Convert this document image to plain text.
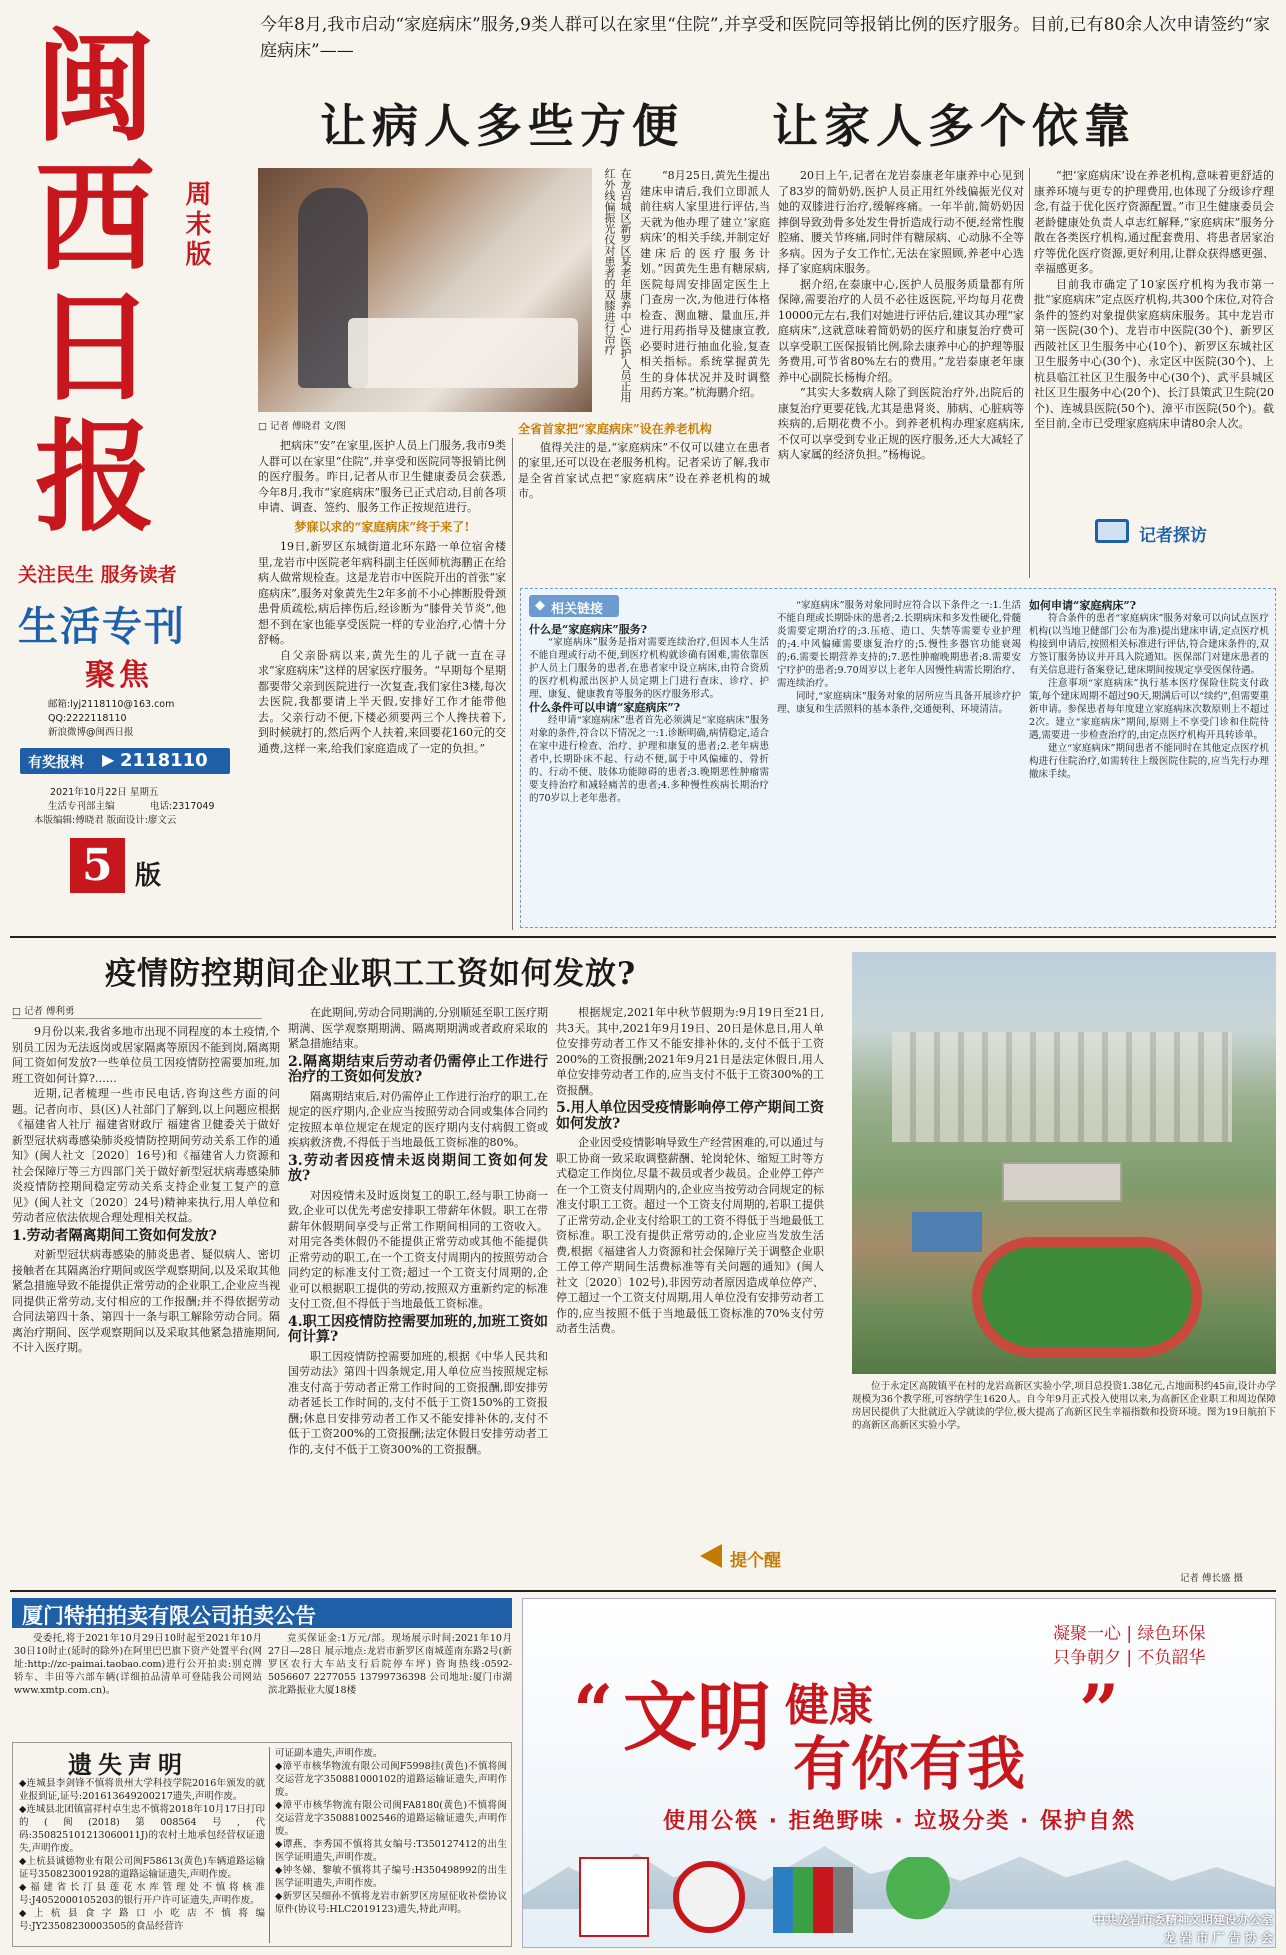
闽
西
日
报
周末版
关注民生 服务读者
生活专刊
聚焦
邮箱:lyj2118110@163.com
QQ:2222118110
新浪微博@闽西日报
有奖报料 ▶ 2118110
2021年10月22日 星期五
生活专刊部主编	电话:2317049
本版编辑:傅晓君 版面设计:廖文云
5 版
今年8月,我市启动“家庭病床”服务,9类人群可以在家里“住院”,并享受和医院同等报销比例的医疗服务。目前,已有80余人次申请签约“家庭病床”——
让病人多些方便    让家人多个依靠
在龙岩城区新罗区某老年康养中心,医护人员正用红外线偏振光仪对患者的双膝进行治疗
□ 记者 傅晓君 文/图

把病床“安”在家里,医护人员上门服务,我市9类人群可以在家里“住院”,并享受和医院同等报销比例的医疗服务。昨日,记者从市卫生健康委员会获悉,今年8月,我市“家庭病床”服务已正式启动,目前各项申请、调查、签约、服务工作正按规范进行。

梦寐以求的“家庭病床”终于来了!

19日,新罗区东城街道北环东路一单位宿舍楼里,龙岩市中医院老年病科副主任医师杭海鹏正在给病人做常规检查。这是龙岩市中医院开出的首张“家庭病床”,服务对象黄先生2年多前不小心摔断股骨颈患骨质疏松,病后摔伤后,经诊断为“膝骨关节炎”,他想不到在家也能享受医院一样的专业治疗,心情十分舒畅。

自父亲卧病以来,黄先生的儿子就一直在寻求“家庭病床”这样的居家医疗服务。“早期每个星期都要带父亲到医院进行一次复查,我们家住3楼,每次去医院,我都要请上半天假,安排好工作才能带他去。父亲行动不便,下楼必须要两三个人搀扶着下,到时候就打的,然后两个人扶着,来回要花160元的交通费,这样一来,给我们家庭造成了一定的负担。”

“8月25日,黄先生提出建床申请后,我们立即派人前往病人家里进行评估,当天就为他办理了建立‘家庭病床’的相关手续,并制定好建床后的医疗服务计划。”因黄先生患有糖尿病,医院每周安排固定医生上门查房一次,为他进行体格检查、测血糖、量血压,并进行用药指导及健康宣教,必要时进行抽血化验,复查相关指标。系统掌握黄先生的身体状况并及时调整用药方案。”杭海鹏介绍。

全省首家把“家庭病床”设在养老机构

值得关注的是,“家庭病床”不仅可以建立在患者的家里,还可以设在老服务机构。记者采访了解,我市是全省首家试点把“家庭病床”设在养老机构的城市。

20日上午,记者在龙岩泰康老年康养中心见到了83岁的简奶奶,医护人员正用红外线偏振光仪对她的双膝进行治疗,缓解疼痛。一年半前,简奶奶因摔倒导致劲骨多处发生骨折造成行动不便,经常性腹腔痛、腰关节疼痛,同时伴有糖尿病、心动脉不全等多病。因为子女工作忙,无法在家照顾,养老中心选择了家庭病床服务。

据介绍,在泰康中心,医护人员服务质量都有所保障,需要治疗的人员不必往返医院,平均每月花费10000元左右,我们对她进行评估后,建议其办理“家庭病床”,这就意味着简奶奶的医疗和康复治疗费可以享受职工医保报销比例,除去康养中心的护理等服务费用,可节省80%左右的费用。”龙岩泰康老年康养中心副院长杨梅介绍。

“其实大多数病人除了到医院治疗外,出院后的康复治疗更要花钱,尤其是患肾炎、肺病、心脏病等疾病的,后期花费不小。到养老机构办理家庭病床,不仅可以享受到专业正规的医疗服务,还大大减轻了病人家属的经济负担。”杨梅说。

“把‘家庭病床’设在养老机构,意味着更舒适的康养环境与更专的护理费用,也体现了分级诊疗理念,有益于优化医疗资源配置。”市卫生健康委员会老龄健康处负责人卓志红解释,“家庭病床”服务分散在各类医疗机构,通过配套费用、将患者居家治疗等优化医疗资源,更好利用,让群众获得感更强、幸福感更多。

目前我市确定了10家医疗机构为我市第一批“家庭病床”定点医疗机构,共300个床位,对符合条件的签约对象提供家庭病床服务。其中龙岩市第一医院(30个)、龙岩市中医院(30个)、新罗区西陂社区卫生服务中心(10个)、新罗区东城社区卫生服务中心(30个)、永定区中医院(30个)、上杭县临江社区卫生服务中心(30个)、武平县城区社区卫生服务中心(20个)、长汀县策武卫生院(20个)、连城县医院(50个)、漳平市医院(50个)。截至目前,全市已受理家庭病床申请80余人次。

记者探访
◆ 相关链接

什么是“家庭病床”服务?

“家庭病床”服务是指对需要连续治疗,但因本人生活不能自理或行动不便,到医疗机构就诊确有困难,需依靠医护人员上门服务的患者,在患者家中设立病床,由符合资质的医疗机构派出医护人员定期上门进行查床、诊疗、护理、康复、健康教育等服务的医疗服务形式。

什么条件可以申请“家庭病床”?

经申请“家庭病床”患者首先必须满足“家庭病床”服务对象的条件,符合以下情况之一:1.诊断明确,病情稳定,适合在家中进行检查、治疗、护理和康复的患者;2.老年病患者中,长期卧床不起、行动不便,属于中风偏瘫的、骨折的、行动不便、肢体功能障碍的患者;3.晚期恶性肿瘤需要支持治疗和减轻痛苦的患者;4.多种慢性疾病长期治疗的70岁以上老年患者。

“家庭病床”服务对象同时应符合以下条件之一:1.生活不能自理或长期卧床的患者;2.长期病床和多发性硬化,骨髓炎需要定期治疗的;3.压疮、造口、失禁等需要专业护理的;4.中风偏瘫需要康复治疗的;5.慢性多器官功能衰竭的;6.需要长期营养支持的;7.恶性肿瘤晚期患者;8.需要安宁疗护的患者;9.70周岁以上老年人因慢性病需长期治疗、需连续治疗。

同时,“家庭病床”服务对象的居所应当具备开展诊疗护理、康复和生活照料的基本条件,交通便利、环境清洁。

如何申请“家庭病床”?

符合条件的患者“家庭病床”服务对象可以向试点医疗机构(以当地卫健部门公布为准)提出建床申请,定点医疗机构接到申请后,按照相关标准进行评估,符合建床条件的,双方签订服务协议并开具入院通知。医保部门对建床患者的有关信息进行备案登记,建床期间按规定享受医保待遇。

注意事项“家庭病床”执行基本医疗保险住院支付政策,每个建床周期不超过90天,期满后可以“续约”,但需要重新申请。参保患者每年度建立家庭病床次数原则上不超过2次。建立“家庭病床”期间,原则上不享受门诊和住院待遇,需要进一步检查治疗的,由定点医疗机构开具转诊单。

建立“家庭病床”期间患者不能同时在其他定点医疗机构进行住院治疗,如需转往上级医院住院的,应当先行办理撤床手续。

疫情防控期间企业职工工资如何发放?
□ 记者 傅利勇

9月份以来,我省多地市出现不同程度的本土疫情,个别员工因为无法返岗或居家隔离等原因不能到岗,隔离期间工资如何发放?一些单位员工因疫情防控需要加班,加班工资如何计算?……

近期,记者梳理一些市民电话,咨询这些方面的问题。记者向市、县(区)人社部门了解到,以上问题应根据《福建省人社厅 福建省财政厅 福建省卫健委关于做好新型冠状病毒感染肺炎疫情防控期间劳动关系工作的通知》(闽人社文〔2020〕16号)和《福建省人力资源和社会保障厅等三方四部门关于做好新型冠状病毒感染肺炎疫情防控期间稳定劳动关系支持企业复工复产的意见》(闽人社文〔2020〕24号)精神来执行,用人单位和劳动者应依法依规合理处理相关权益。

1.劳动者隔离期间工资如何发放?

对新型冠状病毒感染的肺炎患者、疑似病人、密切接触者在其隔离治疗期间或医学观察期间,以及采取其他紧急措施导致不能提供正常劳动的企业职工,企业应当视同提供正常劳动,支付相应的工作报酬;并不得依据劳动合同法第四十条、第四十一条与职工解除劳动合同。隔离治疗期间、医学观察期间以及采取其他紧急措施期间,不计入医疗期。

在此期间,劳动合同期满的,分别顺延至职工医疗期期满、医学观察期期满、隔离期期满或者政府采取的紧急措施结束。

2.隔离期结束后劳动者仍需停止工作进行治疗的工资如何发放?

隔离期结束后,对仍需停止工作进行治疗的职工,在规定的医疗期内,企业应当按照劳动合同或集体合同约定按照本单位规定在规定的医疗期内支付病假工资或疾病救济费,不得低于当地最低工资标准的80%。

3.劳动者因疫情未返岗期间工资如何发放?

对因疫情未及时返岗复工的职工,经与职工协商一致,企业可以优先考虑安排职工带薪年休假。职工在带薪年休假期间享受与正常工作期间相同的工资收入。对用完各类休假仍不能提供正常劳动或其他不能提供正常劳动的职工,在一个工资支付周期内的按照劳动合同约定的标准支付工资;超过一个工资支付周期的,企业可以根据职工提供的劳动,按照双方重新约定的标准支付工资,但不得低于当地最低工资标准。

4.职工因疫情防控需要加班的,加班工资如何计算?

职工因疫情防控需要加班的,根据《中华人民共和国劳动法》第四十四条规定,用人单位应当按照规定标准支付高于劳动者正常工作时间的工资报酬,即安排劳动者延长工作时间的,支付不低于工资150%的工资报酬;休息日安排劳动者工作又不能安排补休的,支付不低于工资200%的工资报酬;法定休假日安排劳动者工作的,支付不低于工资300%的工资报酬。

根据规定,2021年中秋节假期为:9月19日至21日,共3天。其中,2021年9月19日、20日是休息日,用人单位安排劳动者工作又不能安排补休的,支付不低于工资200%的工资报酬;2021年9月21日是法定休假日,用人单位安排劳动者工作的,应当支付不低于工资300%的工资报酬。

5.用人单位因受疫情影响停工停产期间工资如何发放?

企业因受疫情影响导致生产经营困难的,可以通过与职工协商一致采取调整薪酬、轮岗轮休、缩短工时等方式稳定工作岗位,尽量不裁员或者少裁员。企业停工停产在一个工资支付周期内的,企业应当按劳动合同规定的标准支付职工工资。超过一个工资支付周期的,若职工提供了正常劳动,企业支付给职工的工资不得低于当地最低工资标准。职工没有提供正常劳动的,企业应当发放生活费,根据《福建省人力资源和社会保障厅关于调整企业职工停工停产期间生活费标准等有关问题的通知》(闽人社文〔2020〕102号),非因劳动者原因造成单位停产、停工超过一个工资支付周期,用人单位没有安排劳动者工作的,应当按照不低于当地最低工资标准的70%支付劳动者生活费。

提个醒
位于永定区高陂镇平在村的龙岩高新区实验小学,项目总投资1.38亿元,占地面积约45亩,设计办学规模为36个教学班,可容纳学生1620人。自今年9月正式投入使用以来,为高新区企业职工和周边保障房居民提供了大批就近入学就读的学位,极大提高了高新区民生幸福指数和投资环境。图为19日航拍下的高新区高新区实验小学。
记者 傅长盛 摄
厦门特拍拍卖有限公司拍卖公告
受委托,将于2021年10月29日10时起至2021年10月30日10时止(延时的除外)在阿里巴巴旗下资产处置平台(网址:http://zc-paimai.taobao.com)进行公开拍卖:别克牌轿车、丰田等六部车辆(详细拍品清单可登陆我公司网站www.xmtp.com.cn)。
竞买保证金:1万元/部。现场展示时间:2021年10月27日—28日 展示地点:龙岩市新罗区南城莲南东路2号(新罗区农行大车站支行后院停车坪) 咨询热线:0592-5056607 2277055 13799736398 公司地址:厦门市湖滨北路振业大厦18楼
遗失声明

◆连城县李剑锋不慎将贵州大学科技学院2016年颁发的就业报到证,证号:201613649200217遗失,声明作废。

◆连城县北团镇富祥村卓生忠不慎将2018年10月17日打印的(闽(2018)第008564号,代码:350825101213060011J)的农村土地承包经营权证遗失,声明作废。

◆上杭县诚德物业有限公司闽F58613(黄色)车辆道路运输证号350823001928的道路运输证遗失,声明作废。

◆福建省长汀县莲花水库管理处不慎将核准号:J4052000105203的银行开户许可证遗失,声明作废。

◆上杭县食字路口小吃店不慎将编号:JY23508230003505的食品经营许

可证副本遗失,声明作废。

◆漳平市核华物流有限公司闽F5998挂(黄色)不慎将闽交运营龙字350881000102的道路运输证遗失,声明作废。

◆漳平市核华物流有限公司闽FA8180(黄色)不慎将闽交运营龙字350881002546的道路运输证遗失,声明作废。

◆谭燕、李秀国不慎将其女编号:T350127412的出生医学证明遗失,声明作废。

◆钟冬娣、黎敏不慎将其子编号:H350498992的出生医学证明遗失,声明作废。

◆新罗区吴细孙不慎将龙岩市新罗区房屋征收补偿协议原件(协议号:HLC2019123)遗失,特此声明。

凝聚一心 | 绿色环保
只争朝夕 | 不负韶华
“ 文明 健康
有你有我
”
使用公筷 · 拒绝野味 · 垃圾分类 · 保护自然
中共龙岩市委精神文明建设办公室
龙 岩 市 广 告 协 会
